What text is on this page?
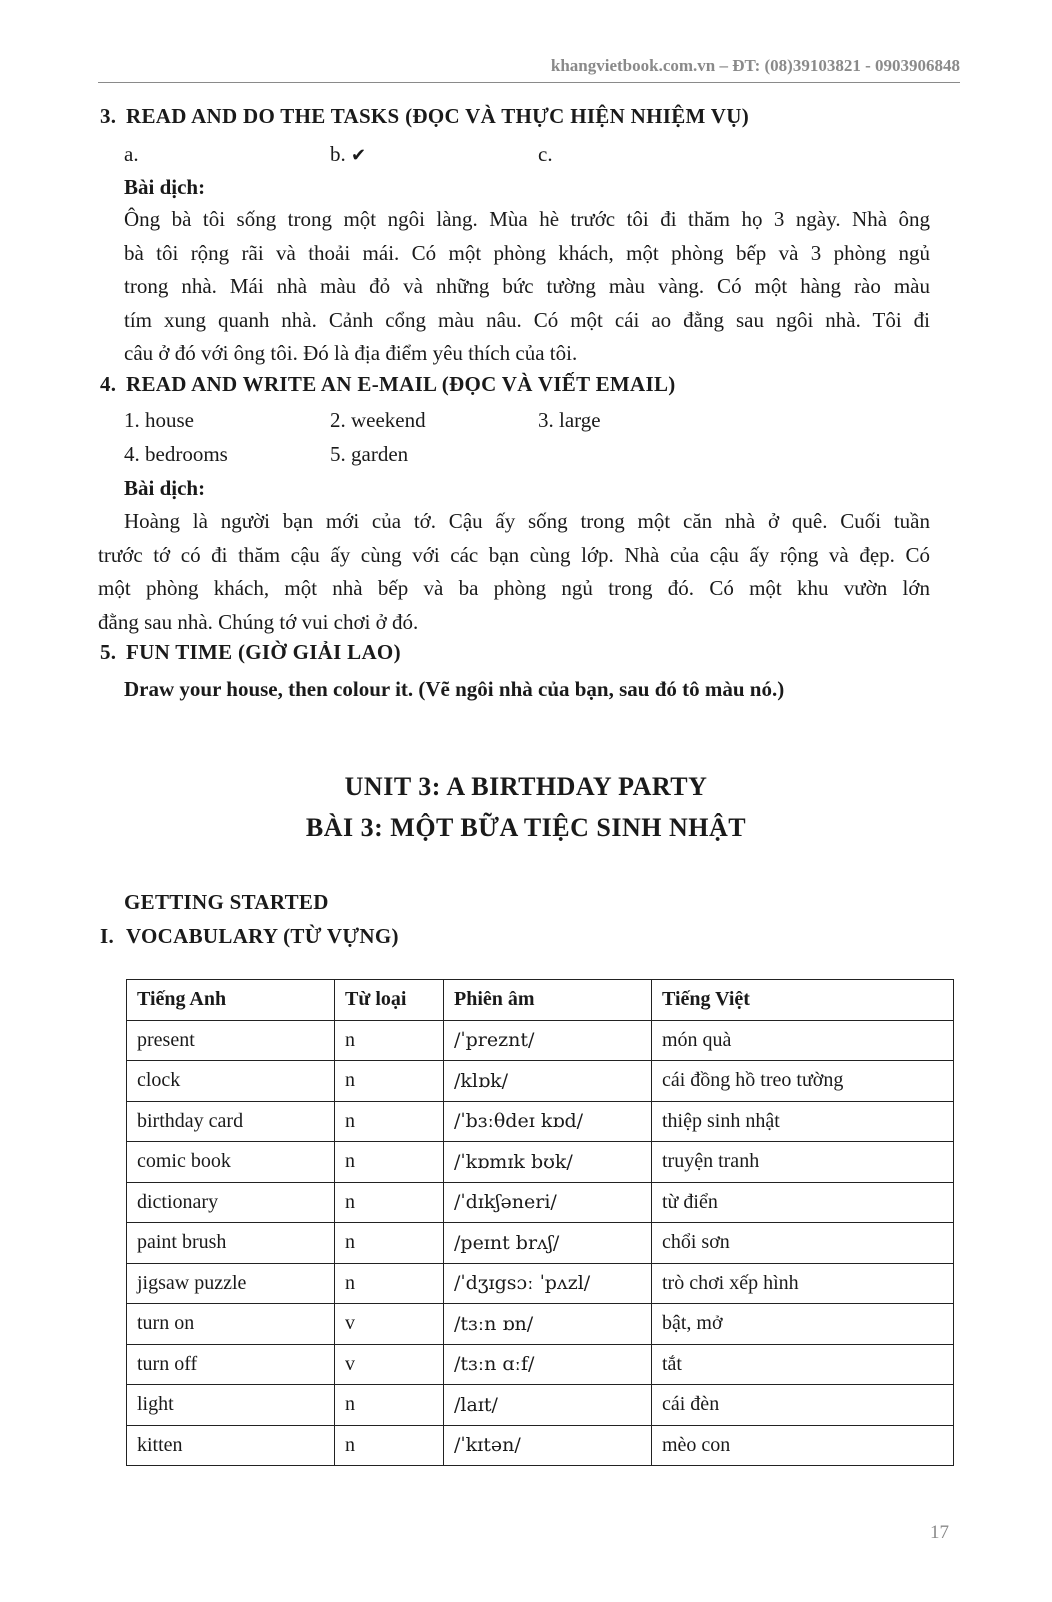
khangvietbook.com.vn – ĐT: (08)39103821 - 0903906848
3. READ AND DO THE TASKS (ĐỌC VÀ THỰC HIỆN NHIỆM VỤ)
a.	b. ✔	c.
Bài dịch:
Ông bà tôi sống trong một ngôi làng. Mùa hè trước tôi đi thăm họ 3 ngày. Nhà ông
bà tôi rộng rãi và thoải mái. Có một phòng khách, một phòng bếp và 3 phòng ngủ
trong nhà. Mái nhà màu đỏ và những bức tường màu vàng. Có một hàng rào màu
tím xung quanh nhà. Cảnh cổng màu nâu. Có một cái ao đằng sau ngôi nhà. Tôi đi
câu ở đó với ông tôi. Đó là địa điểm yêu thích của tôi.
4. READ AND WRITE AN E-MAIL (ĐỌC VÀ VIẾT EMAIL)
1. house	2. weekend	3. large
4. bedrooms	5. garden
Bài dịch:
Hoàng là người bạn mới của tớ. Cậu ấy sống trong một căn nhà ở quê. Cuối tuần
trước tớ có đi thăm cậu ấy cùng với các bạn cùng lớp. Nhà của cậu ấy rộng và đẹp. Có
một phòng khách, một nhà bếp và ba phòng ngủ trong đó. Có một khu vườn lớn
đằng sau nhà. Chúng tớ vui chơi ở đó.
5. FUN TIME (GIỜ GIẢI LAO)
Draw your house, then colour it. (Vẽ ngôi nhà của bạn, sau đó tô màu nó.)
UNIT 3: A BIRTHDAY PARTY
BÀI 3: MỘT BỮA TIỆC SINH NHẬT
GETTING STARTED
I. VOCABULARY (TỪ VỰNG)
Tiếng Anh	Từ loại	Phiên âm	Tiếng Việt
present	n	/ˈpreznt/	món quà
clock	n	/klɒk/	cái đồng hồ treo tường
birthday card	n	/ˈbɜːθdeɪ kɒd/	thiệp sinh nhật
comic book	n	/ˈkɒmɪk bʊk/	truyện tranh
dictionary	n	/ˈdɪkʃəneri/	từ điển
paint brush	n	/peɪnt brʌʃ/	chổi sơn
jigsaw puzzle	n	/ˈdʒɪgsɔː ˈpʌzl/	trò chơi xếp hình
turn on	v	/tɜːn ɒn/	bật, mở
turn off	v	/tɜːn ɑːf/	tắt
light	n	/laɪt/	cái đèn
kitten	n	/ˈkɪtən/	mèo con
17
